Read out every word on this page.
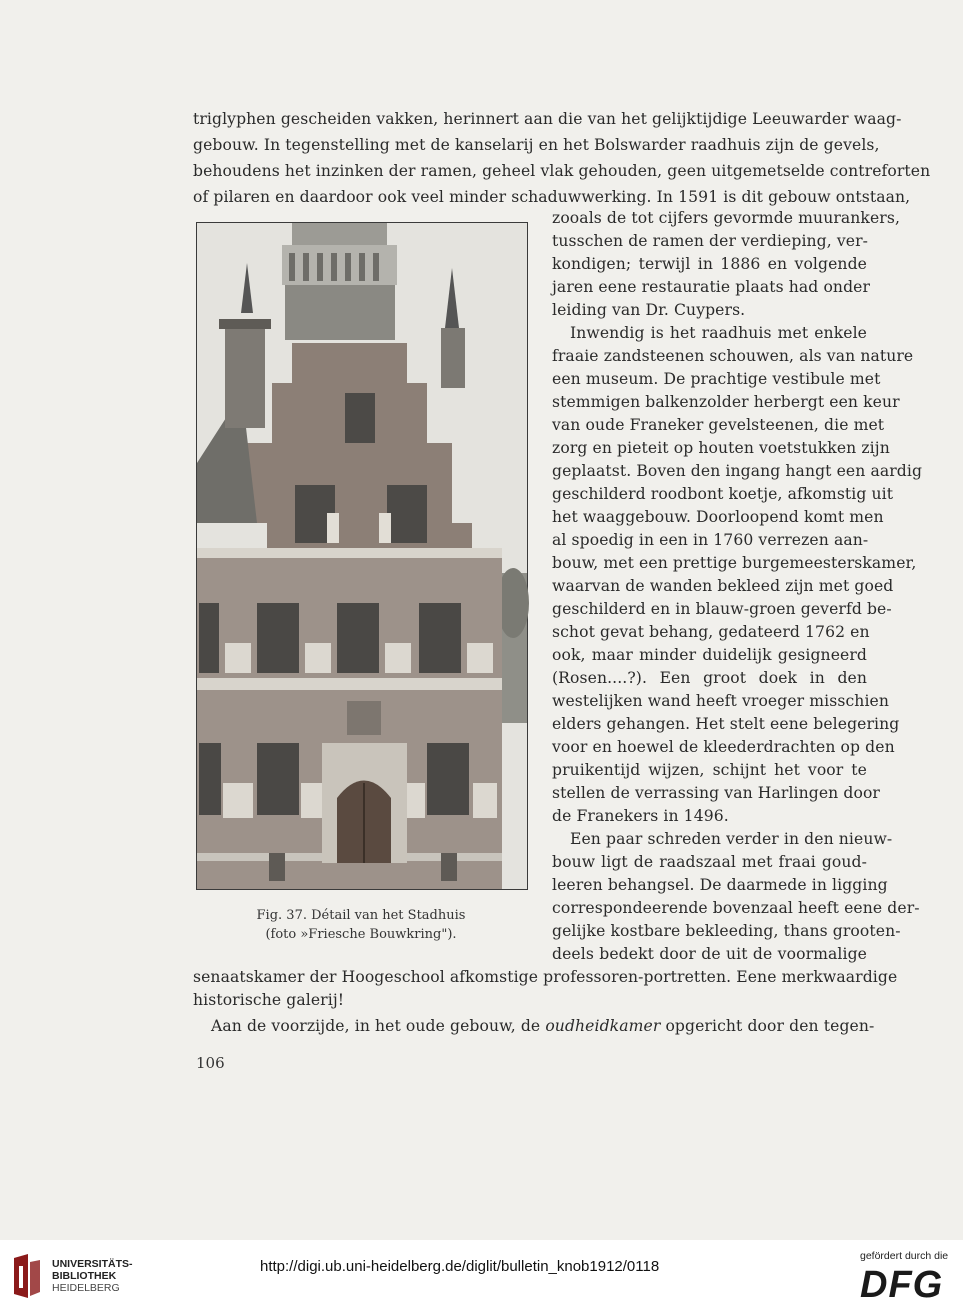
triglyphen gescheiden vakken, herinnert aan die van het gelijktijdige Leeuwarder waag-
gebouw. In tegenstelling met de kanselarij en het Bolswarder raadhuis zijn de gevels,
behoudens het inzinken der ramen, geheel vlak gehouden, geen uitgemetselde contreforten
of pilaren en daardoor ook veel minder schaduwwerking. In 1591 is dit gebouw ontstaan,
zooals de tot cijfers gevormde muurankers,
tusschen de ramen der verdieping, ver-
kondigen; terwijl in 1886 en volgende
jaren eene restauratie plaats had onder
leiding van Dr. Cuypers.
Inwendig is het raadhuis met enkele
fraaie zandsteenen schouwen, als van nature
een museum. De prachtige vestibule met
stemmigen balkenzolder herbergt een keur
van oude Franeker gevelsteenen, die met
zorg en pieteit op houten voetstukken zijn
geplaatst. Boven den ingang hangt een aardig
geschilderd roodbont koetje, afkomstig uit
het waaggebouw. Doorloopend komt men
al spoedig in een in 1760 verrezen aan-
bouw, met een prettige burgemeesterskamer,
waarvan de wanden bekleed zijn met goed
geschilderd en in blauw-groen geverfd be-
schot gevat behang, gedateerd 1762 en
ook, maar minder duidelijk gesigneerd
(Rosen....?). Een groot doek in den
westelijken wand heeft vroeger misschien
elders gehangen. Het stelt eene belegering
voor en hoewel de kleederdrachten op den
pruikentijd wijzen, schijnt het voor te
stellen de verrassing van Harlingen door
de Franekers in 1496.
Een paar schreden verder in den nieuw-
bouw ligt de raadszaal met fraai goud-
leeren behangsel. De daarmede in ligging
correspondeerende bovenzaal heeft eene der-
gelijke kostbare bekleeding, thans grooten-
deels bedekt door de uit de voormalige
Fig. 37. Détail van het Stadhuis
(foto »Friesche Bouwkring").
senaatskamer der Hoogeschool afkomstige professoren-portretten. Eene merkwaardige
historische galerij!
Aan de voorzijde, in het oude gebouw, de oudheidkamer opgericht door den tegen-
106
UNIVERSITÄTS-
BIBLIOTHEK
HEIDELBERG
http://digi.ub.uni-heidelberg.de/diglit/bulletin_knob1912/0118
gefördert durch die
DFG
